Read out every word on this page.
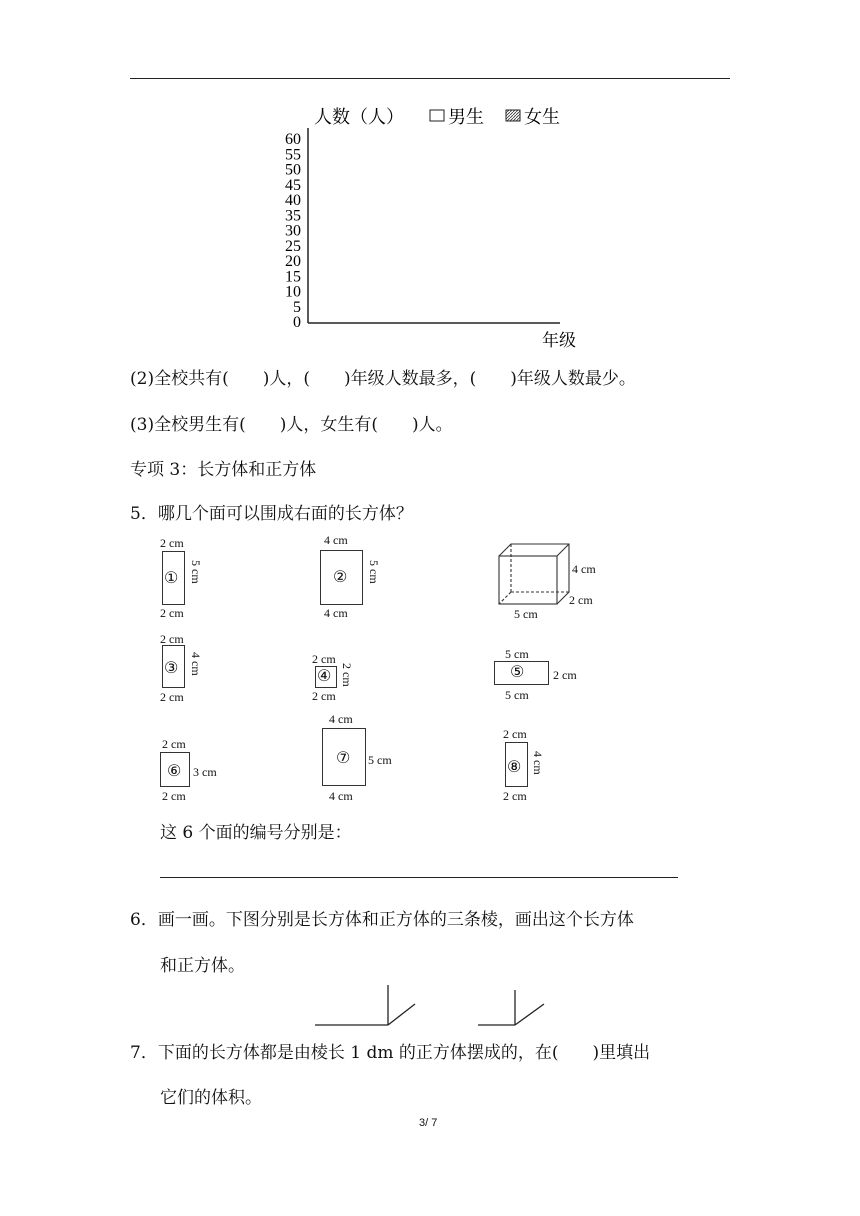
人数（人） 男生 女生
60
55
50
45
40
35
30
25
20
15
10
5
0
年级
(2)全校共有(　　)人，(　　)年级人数最多，(　　)年级人数最少。
(3)全校男生有(　　)人，女生有(　　)人。
专项 3：长方体和正方体
5．哪几个面可以围成右面的长方体？
2 cm
① 5 cm
2 cm
4 cm
② 5 cm
4 cm
4 cm
2 cm
5 cm
2 cm
③ 4 cm
2 cm
2 cm
④ 2 cm
2 cm
5 cm
⑤ 2 cm
5 cm
2 cm
⑥ 3 cm
2 cm
4 cm
⑦ 5 cm
4 cm
2 cm
⑧ 4 cm
2 cm
这 6 个面的编号分别是：
6．画一画。下图分别是长方体和正方体的三条棱，画出这个长方体
和正方体。
7．下面的长方体都是由棱长 1 dm 的正方体摆成的，在(　　)里填出
它们的体积。
3/ 7
